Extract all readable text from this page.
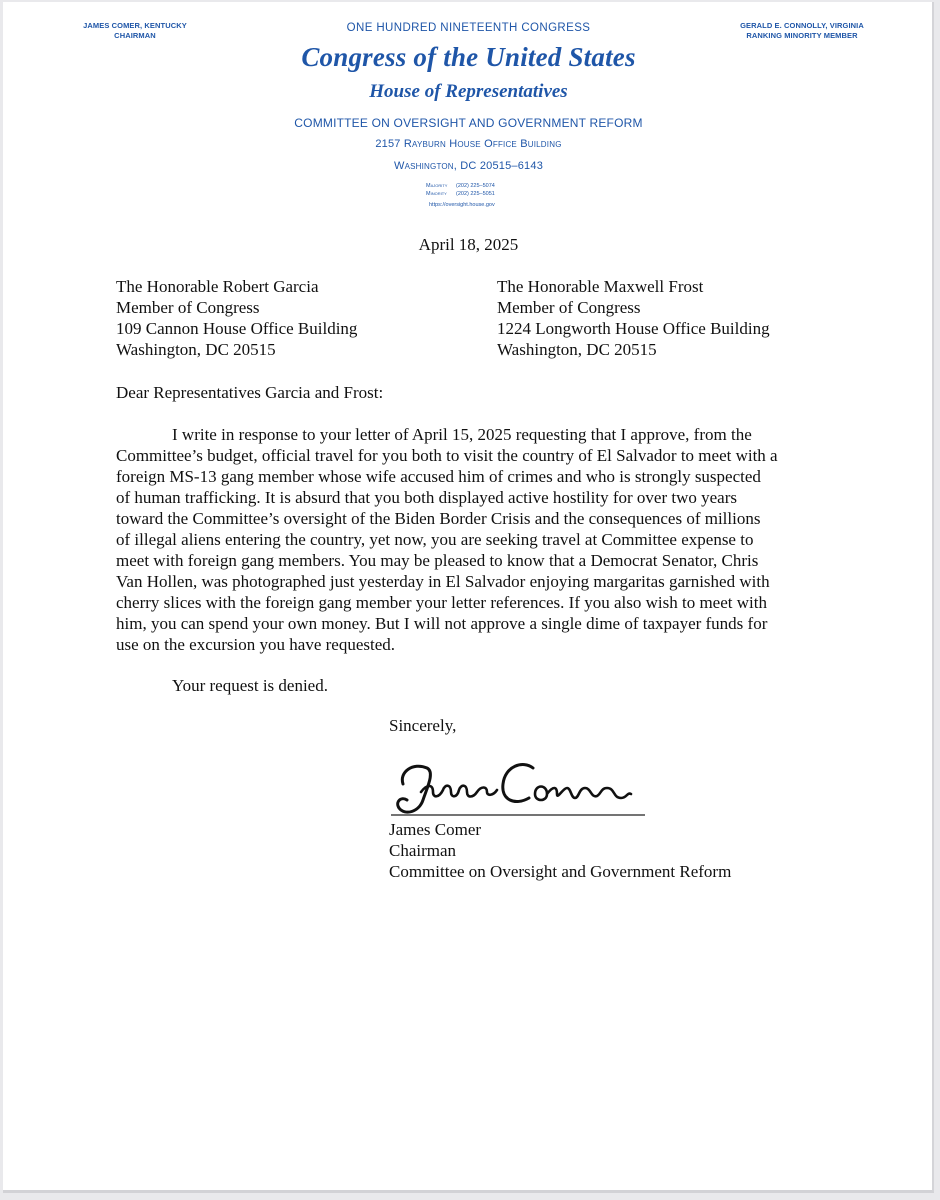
JAMES COMER, KENTUCKY
CHAIRMAN
GERALD E. CONNOLLY, VIRGINIA
RANKING MINORITY MEMBER
ONE HUNDRED NINETEENTH CONGRESS
Congress of the United States
House of Representatives
COMMITTEE ON OVERSIGHT AND GOVERNMENT REFORM
2157 Rayburn House Office Building
Washington, DC 20515–6143
Majority (202) 225–5074
Minority (202) 225–5051
https://oversight.house.gov
April 18, 2025
The Honorable Robert Garcia
Member of Congress
109 Cannon House Office Building
Washington, DC 20515
The Honorable Maxwell Frost
Member of Congress
1224 Longworth House Office Building
Washington, DC 20515
Dear Representatives Garcia and Frost:
I write in response to your letter of April 15, 2025 requesting that I approve, from the
Committee’s budget, official travel for you both to visit the country of El Salvador to meet with a
foreign MS-13 gang member whose wife accused him of crimes and who is strongly suspected
of human trafficking. It is absurd that you both displayed active hostility for over two years
toward the Committee’s oversight of the Biden Border Crisis and the consequences of millions
of illegal aliens entering the country, yet now, you are seeking travel at Committee expense to
meet with foreign gang members. You may be pleased to know that a Democrat Senator, Chris
Van Hollen, was photographed just yesterday in El Salvador enjoying margaritas garnished with
cherry slices with the foreign gang member your letter references. If you also wish to meet with
him, you can spend your own money. But I will not approve a single dime of taxpayer funds for
use on the excursion you have requested.
Your request is denied.
Sincerely,
James Comer
Chairman
Committee on Oversight and Government Reform
